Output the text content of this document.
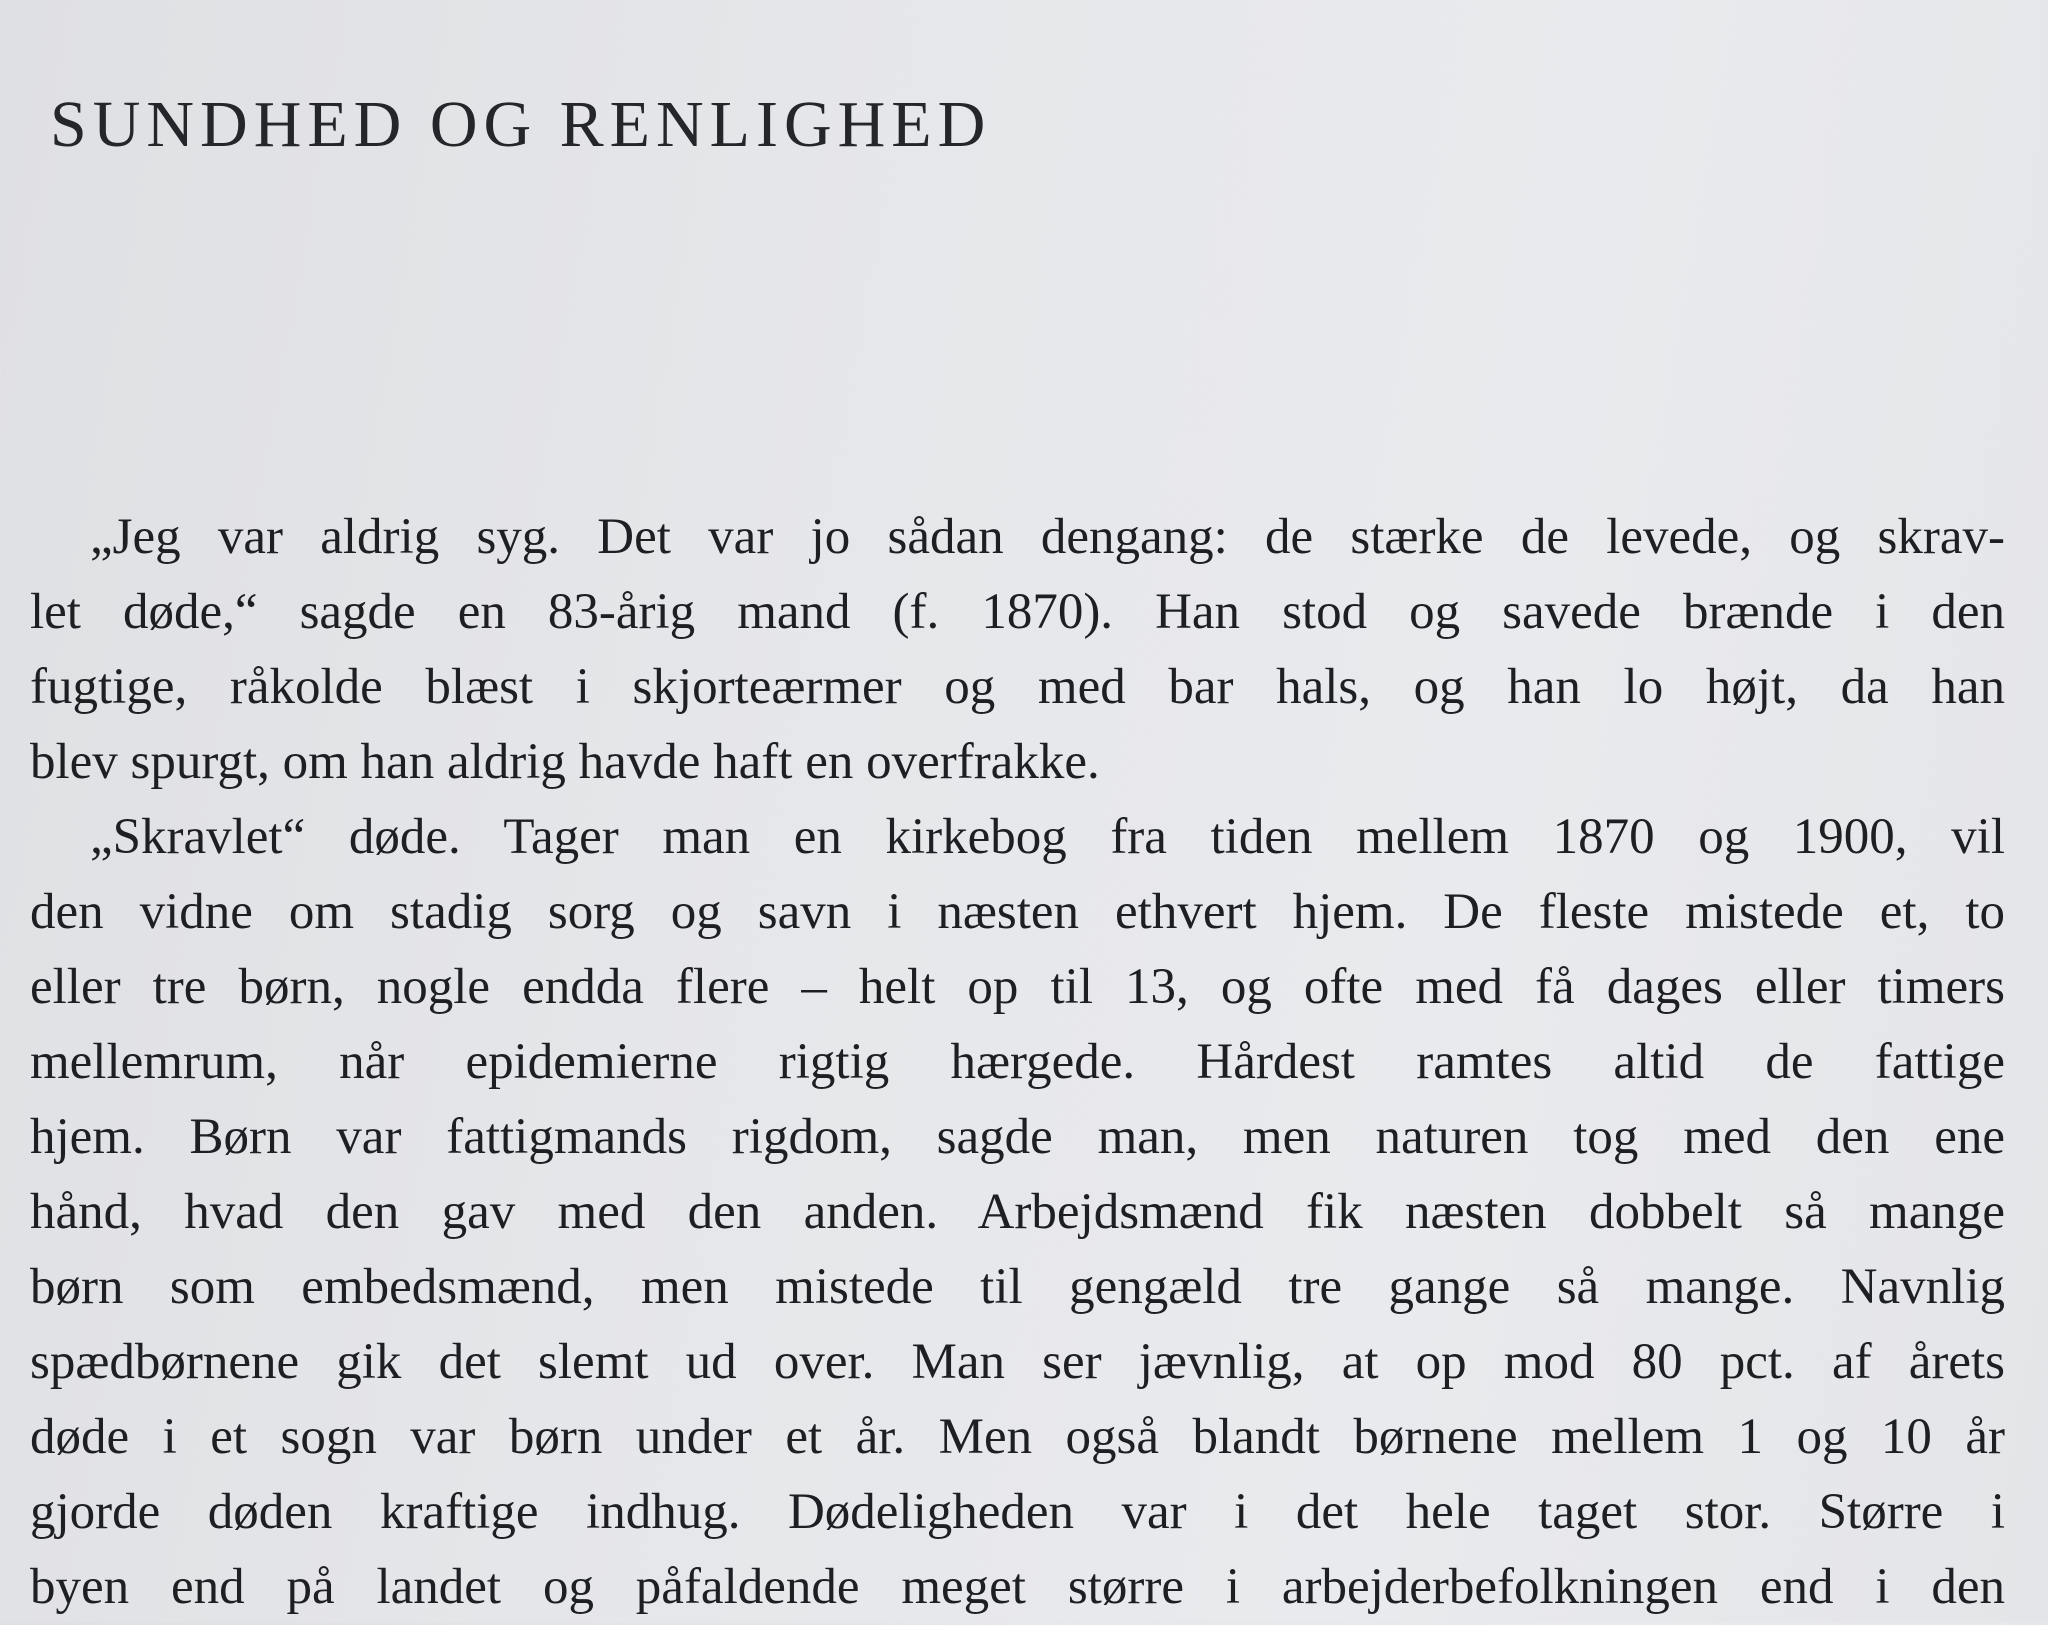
SUNDHED OG RENLIGHED
„Jeg var aldrig syg. Det var jo sådan dengang: de stærke de levede, og skrav-
let døde,“ sagde en 83-årig mand (f. 1870). Han stod og savede brænde i den
fugtige, råkolde blæst i skjorteærmer og med bar hals, og han lo højt, da han
blev spurgt, om han aldrig havde haft en overfrakke.
„Skravlet“ døde. Tager man en kirkebog fra tiden mellem 1870 og 1900, vil
den vidne om stadig sorg og savn i næsten ethvert hjem. De fleste mistede et, to
eller tre børn, nogle endda flere – helt op til 13, og ofte med få dages eller timers
mellemrum, når epidemierne rigtig hærgede. Hårdest ramtes altid de fattige
hjem. Børn var fattigmands rigdom, sagde man, men naturen tog med den ene
hånd, hvad den gav med den anden. Arbejdsmænd fik næsten dobbelt så mange
børn som embedsmænd, men mistede til gengæld tre gange så mange. Navnlig
spædbørnene gik det slemt ud over. Man ser jævnlig, at op mod 80 pct. af årets
døde i et sogn var børn under et år. Men også blandt børnene mellem 1 og 10 år
gjorde døden kraftige indhug. Dødeligheden var i det hele taget stor. Større i
byen end på landet og påfaldende meget større i arbejderbefolkningen end i den
